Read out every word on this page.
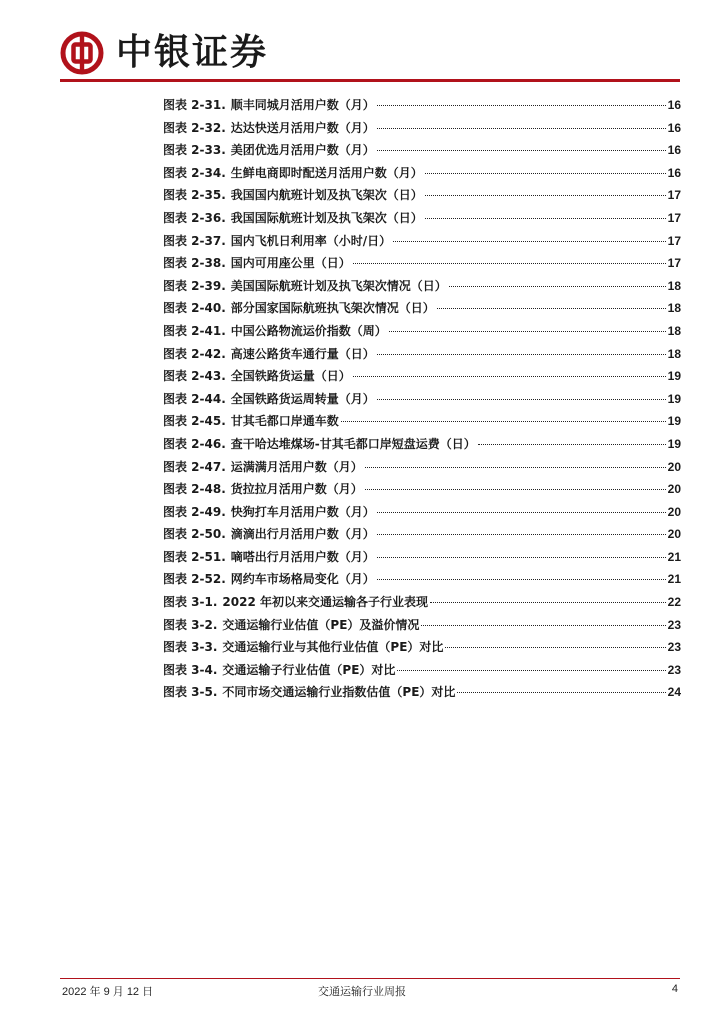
中银证券
图表 2-31. 顺丰同城月活用户数（月）	16
图表 2-32. 达达快送月活用户数（月）	16
图表 2-33. 美团优选月活用户数（月）	16
图表 2-34. 生鲜电商即时配送月活用户数（月）	16
图表 2-35. 我国国内航班计划及执飞架次（日）	17
图表 2-36. 我国国际航班计划及执飞架次（日）	17
图表 2-37. 国内飞机日利用率（小时/日）	17
图表 2-38. 国内可用座公里（日）	17
图表 2-39. 美国国际航班计划及执飞架次情况（日）	18
图表 2-40. 部分国家国际航班执飞架次情况（日）	18
图表 2-41. 中国公路物流运价指数（周）	18
图表 2-42. 高速公路货车通行量（日）	18
图表 2-43. 全国铁路货运量（日）	19
图表 2-44. 全国铁路货运周转量（月）	19
图表 2-45. 甘其毛都口岸通车数	19
图表 2-46. 查干哈达堆煤场-甘其毛都口岸短盘运费（日）	19
图表 2-47. 运满满月活用户数（月）	20
图表 2-48. 货拉拉月活用户数（月）	20
图表 2-49. 快狗打车月活用户数（月）	20
图表 2-50. 滴滴出行月活用户数（月）	20
图表 2-51. 嘀嗒出行月活用户数（月）	21
图表 2-52. 网约车市场格局变化（月）	21
图表 3-1. 2022 年初以来交通运输各子行业表现	22
图表 3-2. 交通运输行业估值（PE）及溢价情况	23
图表 3-3. 交通运输行业与其他行业估值（PE）对比	23
图表 3-4. 交通运输子行业估值（PE）对比	23
图表 3-5. 不同市场交通运输行业指数估值（PE）对比	24
2022 年 9 月 12 日	交通运输行业周报	4
